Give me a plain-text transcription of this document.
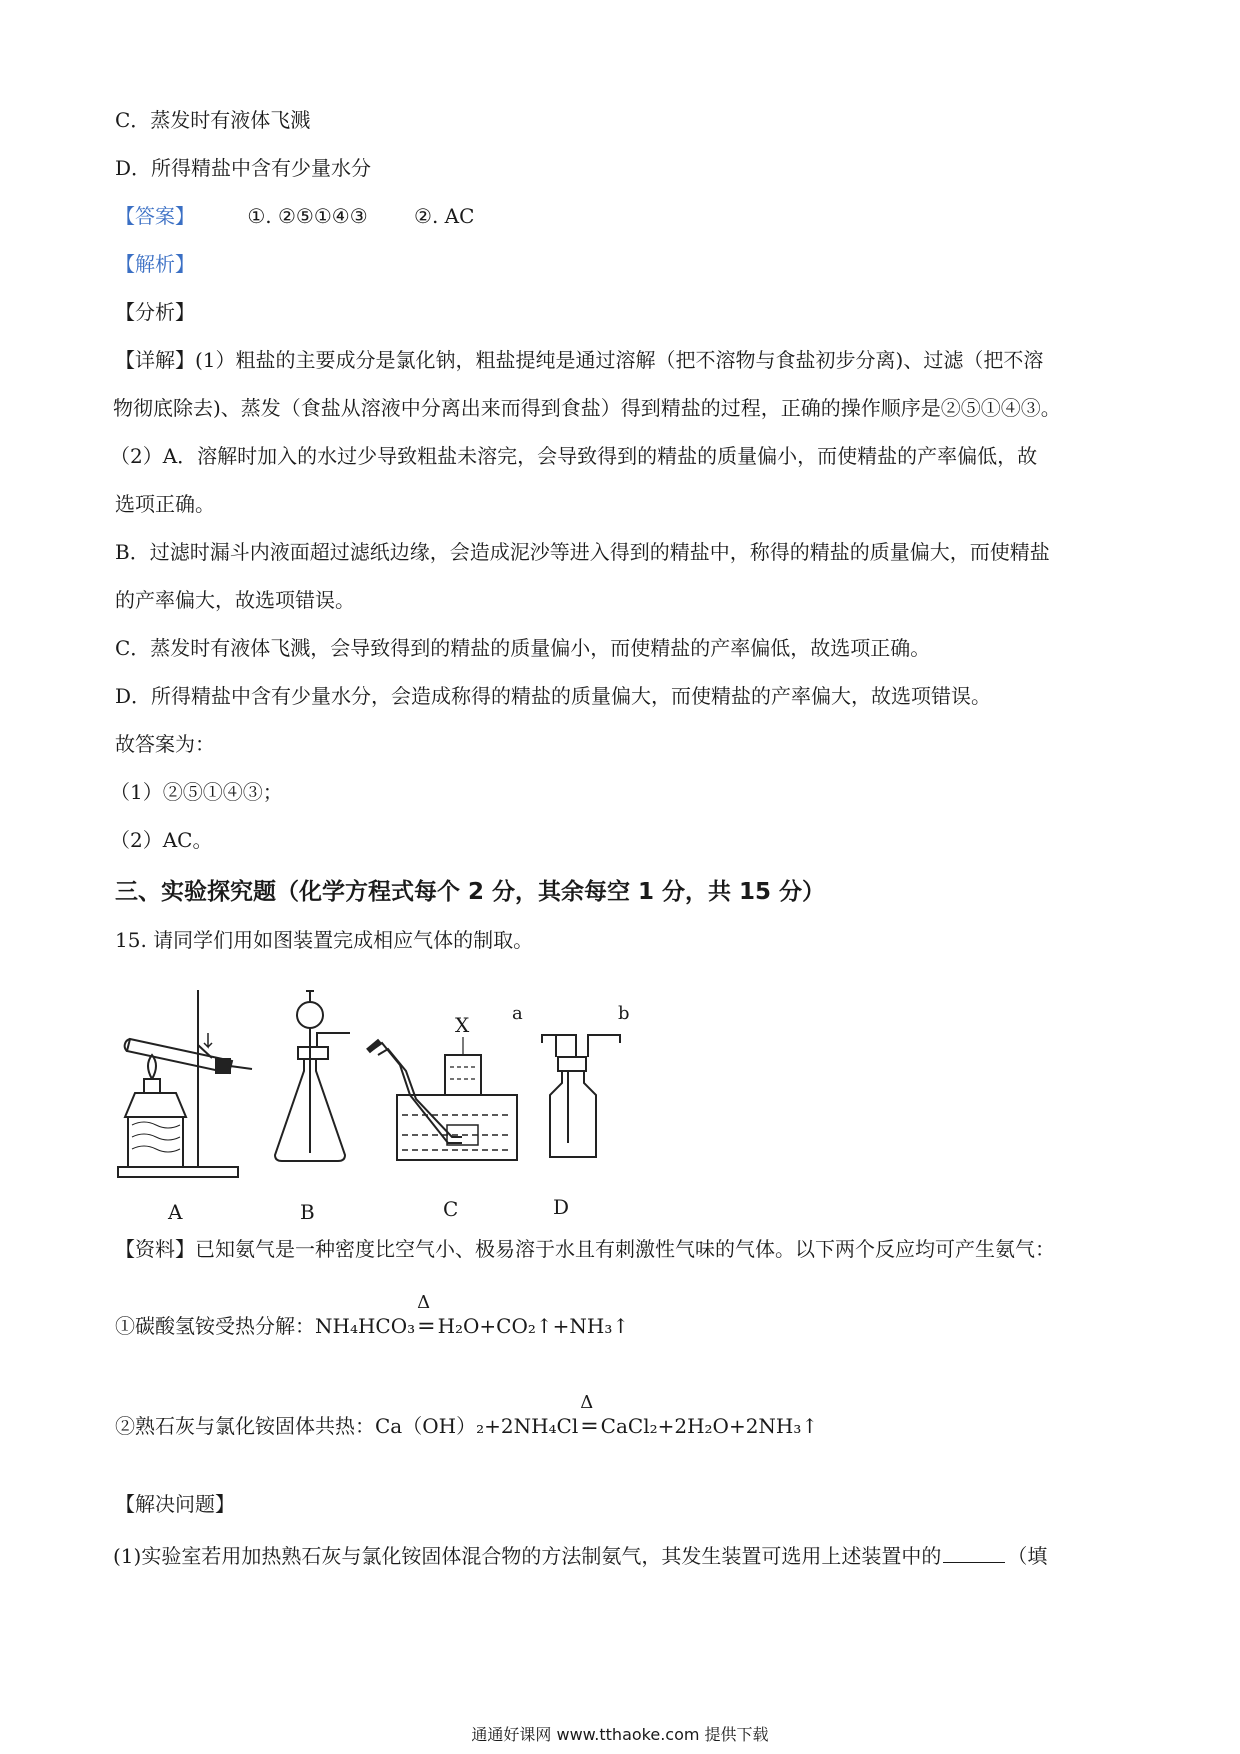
C．蒸发时有液体飞溅
D．所得精盐中含有少量水分
【答案】	①. ②⑤①④③ ②. AC
【解析】
【分析】
【详解】(1）粗盐的主要成分是氯化钠，粗盐提纯是通过溶解（把不溶物与食盐初步分离)、过滤（把不溶
物彻底除去)、蒸发（食盐从溶液中分离出来而得到食盐）得到精盐的过程，正确的操作顺序是②⑤①④③。
（2）A．溶解时加入的水过少导致粗盐未溶完，会导致得到的精盐的质量偏小，而使精盐的产率偏低，故
选项正确。
B．过滤时漏斗内液面超过滤纸边缘，会造成泥沙等进入得到的精盐中，称得的精盐的质量偏大，而使精盐
的产率偏大，故选项错误。
C．蒸发时有液体飞溅，会导致得到的精盐的质量偏小，而使精盐的产率偏低，故选项正确。
D．所得精盐中含有少量水分，会造成称得的精盐的质量偏大，而使精盐的产率偏大，故选项错误。
故答案为：
（1）②⑤①④③；
（2）AC。
三、实验探究题（化学方程式每个 2 分，其余每空 1 分，共 15 分）
15. 请同学们用如图装置完成相应气体的制取。
A	B	C	D
X a	b
【资料】已知氨气是一种密度比空气小、极易溶于水且有刺激性气味的气体。以下两个反应均可产生氨气：
①碳酸氢铵受热分解：NH₄HCO₃
Δ
= H₂O+CO₂↑+NH₃↑
②熟石灰与氯化铵固体共热：Ca（OH）₂+2NH₄Cl
Δ
= CaCl₂+2H₂O+2NH₃↑
【解决问题】
(1)实验室若用加热熟石灰与氯化铵固体混合物的方法制氨气，其发生装置可选用上述装置中的	（填
通通好课网 www.tthaoke.com 提供下载
